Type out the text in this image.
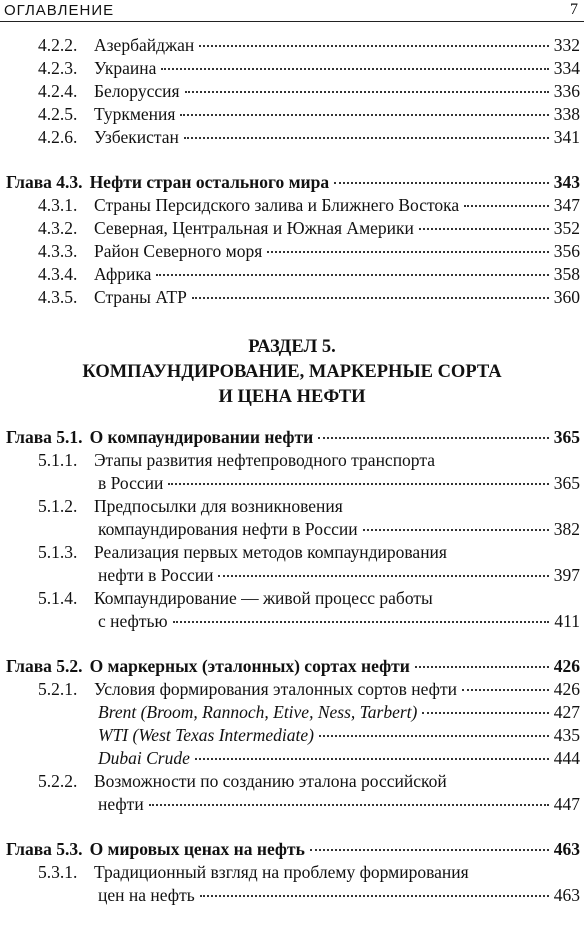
ОГЛАВЛЕНИЕ	7
4.2.2. Азербайджан	332
4.2.3. Украина	334
4.2.4. Белоруссия	336
4.2.5. Туркмения	338
4.2.6. Узбекистан	341
Глава 4.3. Нефти стран остального мира	343
4.3.1. Страны Персидского залива и Ближнего Востока	347
4.3.2. Северная, Центральная и Южная Америки	352
4.3.3. Район Северного моря	356
4.3.4. Африка	358
4.3.5. Страны АТР	360
РАЗДЕЛ 5.
КОМПАУНДИРОВАНИЕ, МАРКЕРНЫЕ СОРТА
И ЦЕНА НЕФТИ
Глава 5.1. О компаундировании нефти	365
5.1.1. Этапы развития нефтепроводного транспорта
в России	365
5.1.2. Предпосылки для возникновения
компаундирования нефти в России	382
5.1.3. Реализация первых методов компаундирования
нефти в России	397
5.1.4. Компаундирование — живой процесс работы
с нефтью	411
Глава 5.2. О маркерных (эталонных) сортах нефти	426
5.2.1. Условия формирования эталонных сортов нефти	426
Brent (Broom, Rannoch, Etive, Ness, Tarbert)	427
WTI (West Texas Intermediate)	435
Dubai Crude	444
5.2.2. Возможности по созданию эталона российской
нефти	447
Глава 5.3. О мировых ценах на нефть	463
5.3.1. Традиционный взгляд на проблему формирования
цен на нефть	463
